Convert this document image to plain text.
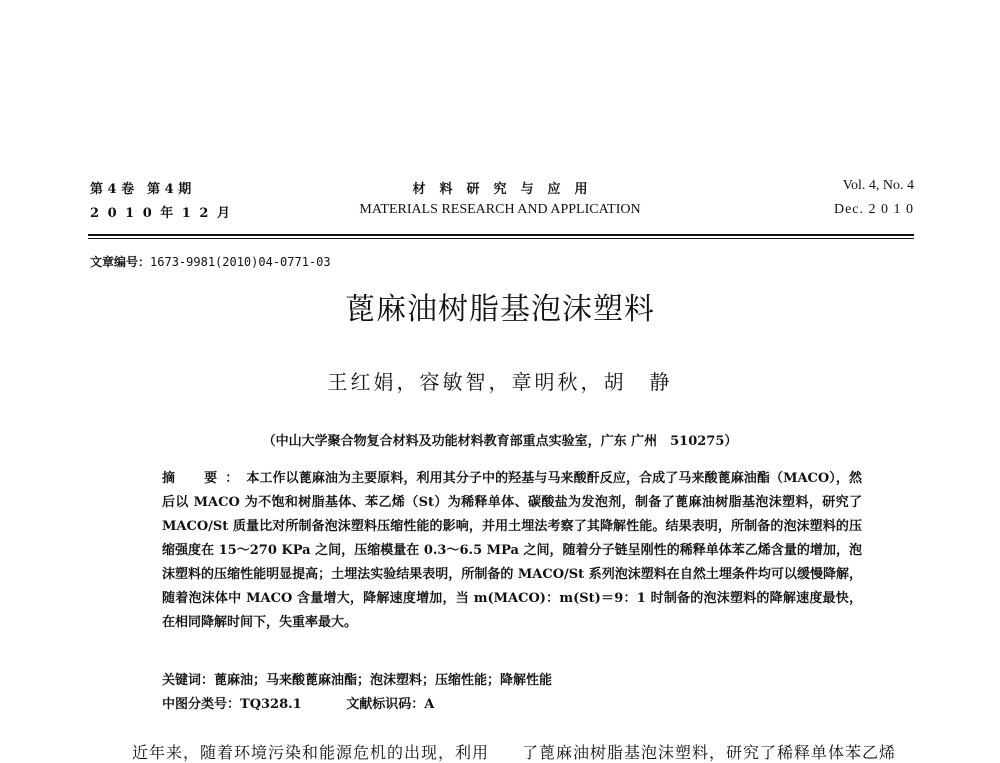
第 4 卷　第 4 期
2 0 1 0 年 1 2 月
材料研究与应用
MATERIALS RESEARCH AND APPLICATION
Vol. 4, No. 4
Dec. 2 0 1 0
文章编号：1673-9981(2010)04-0771-03
蓖麻油树脂基泡沫塑料
王红娟，容敏智，章明秋，胡　静
（中山大学聚合物复合材料及功能材料教育部重点实验室，广东 广州　510275）
摘　要：本工作以蓖麻油为主要原料，利用其分子中的羟基与马来酸酐反应，合成了马来酸蓖麻油酯（MACO），然后以 MACO 为不饱和树脂基体、苯乙烯（St）为稀释单体、碳酸盐为发泡剂，制备了蓖麻油树脂基泡沫塑料，研究了 MACO/St 质量比对所制备泡沫塑料压缩性能的影响，并用土埋法考察了其降解性能。结果表明，所制备的泡沫塑料的压缩强度在 15～270 KPa 之间，压缩模量在 0.3～6.5 MPa 之间，随着分子链呈刚性的稀释单体苯乙烯含量的增加，泡沫塑料的压缩性能明显提高；土埋法实验结果表明，所制备的 MACO/St 系列泡沫塑料在自然土埋条件均可以缓慢降解，随着泡沫体中 MACO 含量增大，降解速度增加，当 m(MACO)：m(St)＝9：1 时制备的泡沫塑料的降解速度最快，在相同降解时间下，失重率最大。
关键词：蓖麻油；马来酸蓖麻油酯；泡沫塑料；压缩性能；降解性能
中图分类号：TQ328.1	文献标识码：A
近年来，随着环境污染和能源危机的出现，利用 了蓖麻油树脂基泡沫塑料，研究了稀释单体苯乙烯
